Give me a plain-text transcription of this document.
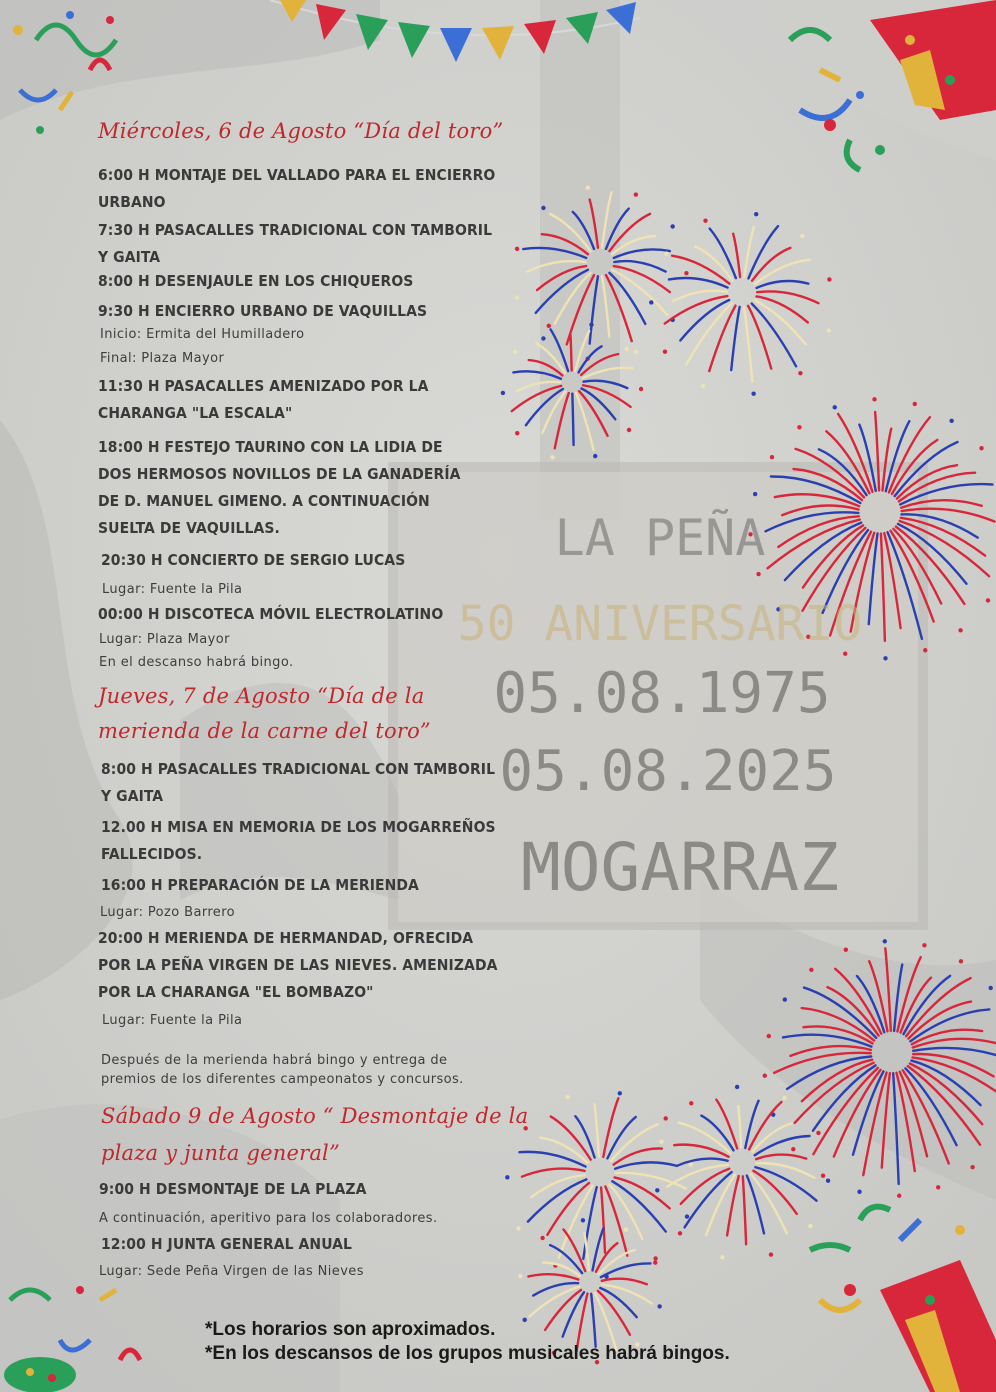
LA PEÑA
50 ANIVERSARIO
05.08.1975
05.08.2025
MOGARRAZ
Miércoles, 6 de Agosto “Día del toro”
6:00 H MONTAJE DEL VALLADO PARA EL ENCIERRO URBANO
7:30 H PASACALLES TRADICIONAL CON TAMBORIL Y GAITA
8:00 H DESENJAULE EN LOS CHIQUEROS
9:30 H ENCIERRO URBANO DE VAQUILLAS
Inicio: Ermita del Humilladero
Final: Plaza Mayor
11:30 H PASACALLES AMENIZADO POR LA CHARANGA "LA ESCALA"
18:00 H FESTEJO TAURINO CON LA LIDIA DE DOS HERMOSOS NOVILLOS DE LA GANADERÍA DE D. MANUEL GIMENO. A CONTINUACIÓN SUELTA DE VAQUILLAS.
20:30 H CONCIERTO DE SERGIO LUCAS
Lugar: Fuente la Pila
00:00 H DISCOTECA MÓVIL ELECTROLATINO
Lugar: Plaza Mayor
En el descanso habrá bingo.
Jueves, 7 de Agosto “Día de la
merienda de la carne del toro”
8:00 H PASACALLES TRADICIONAL CON TAMBORIL Y GAITA
12.00 H MISA EN MEMORIA DE LOS MOGARREÑOS FALLECIDOS.
16:00 H PREPARACIÓN DE LA MERIENDA
Lugar: Pozo Barrero
20:00 H MERIENDA DE HERMANDAD, OFRECIDA POR LA PEÑA VIRGEN DE LAS NIEVES. AMENIZADA POR LA CHARANGA "EL BOMBAZO"
Lugar: Fuente la Pila
Después de la merienda habrá bingo y entrega de
premios de los diferentes campeonatos y concursos.
Sábado 9 de Agosto “ Desmontaje de la
plaza y junta general”
9:00 H DESMONTAJE DE LA PLAZA
A continuación, aperitivo para los colaboradores.
12:00 H JUNTA GENERAL ANUAL
Lugar: Sede Peña Virgen de las Nieves
*Los horarios son aproximados.
*En los descansos de los grupos musicales habrá bingos.
